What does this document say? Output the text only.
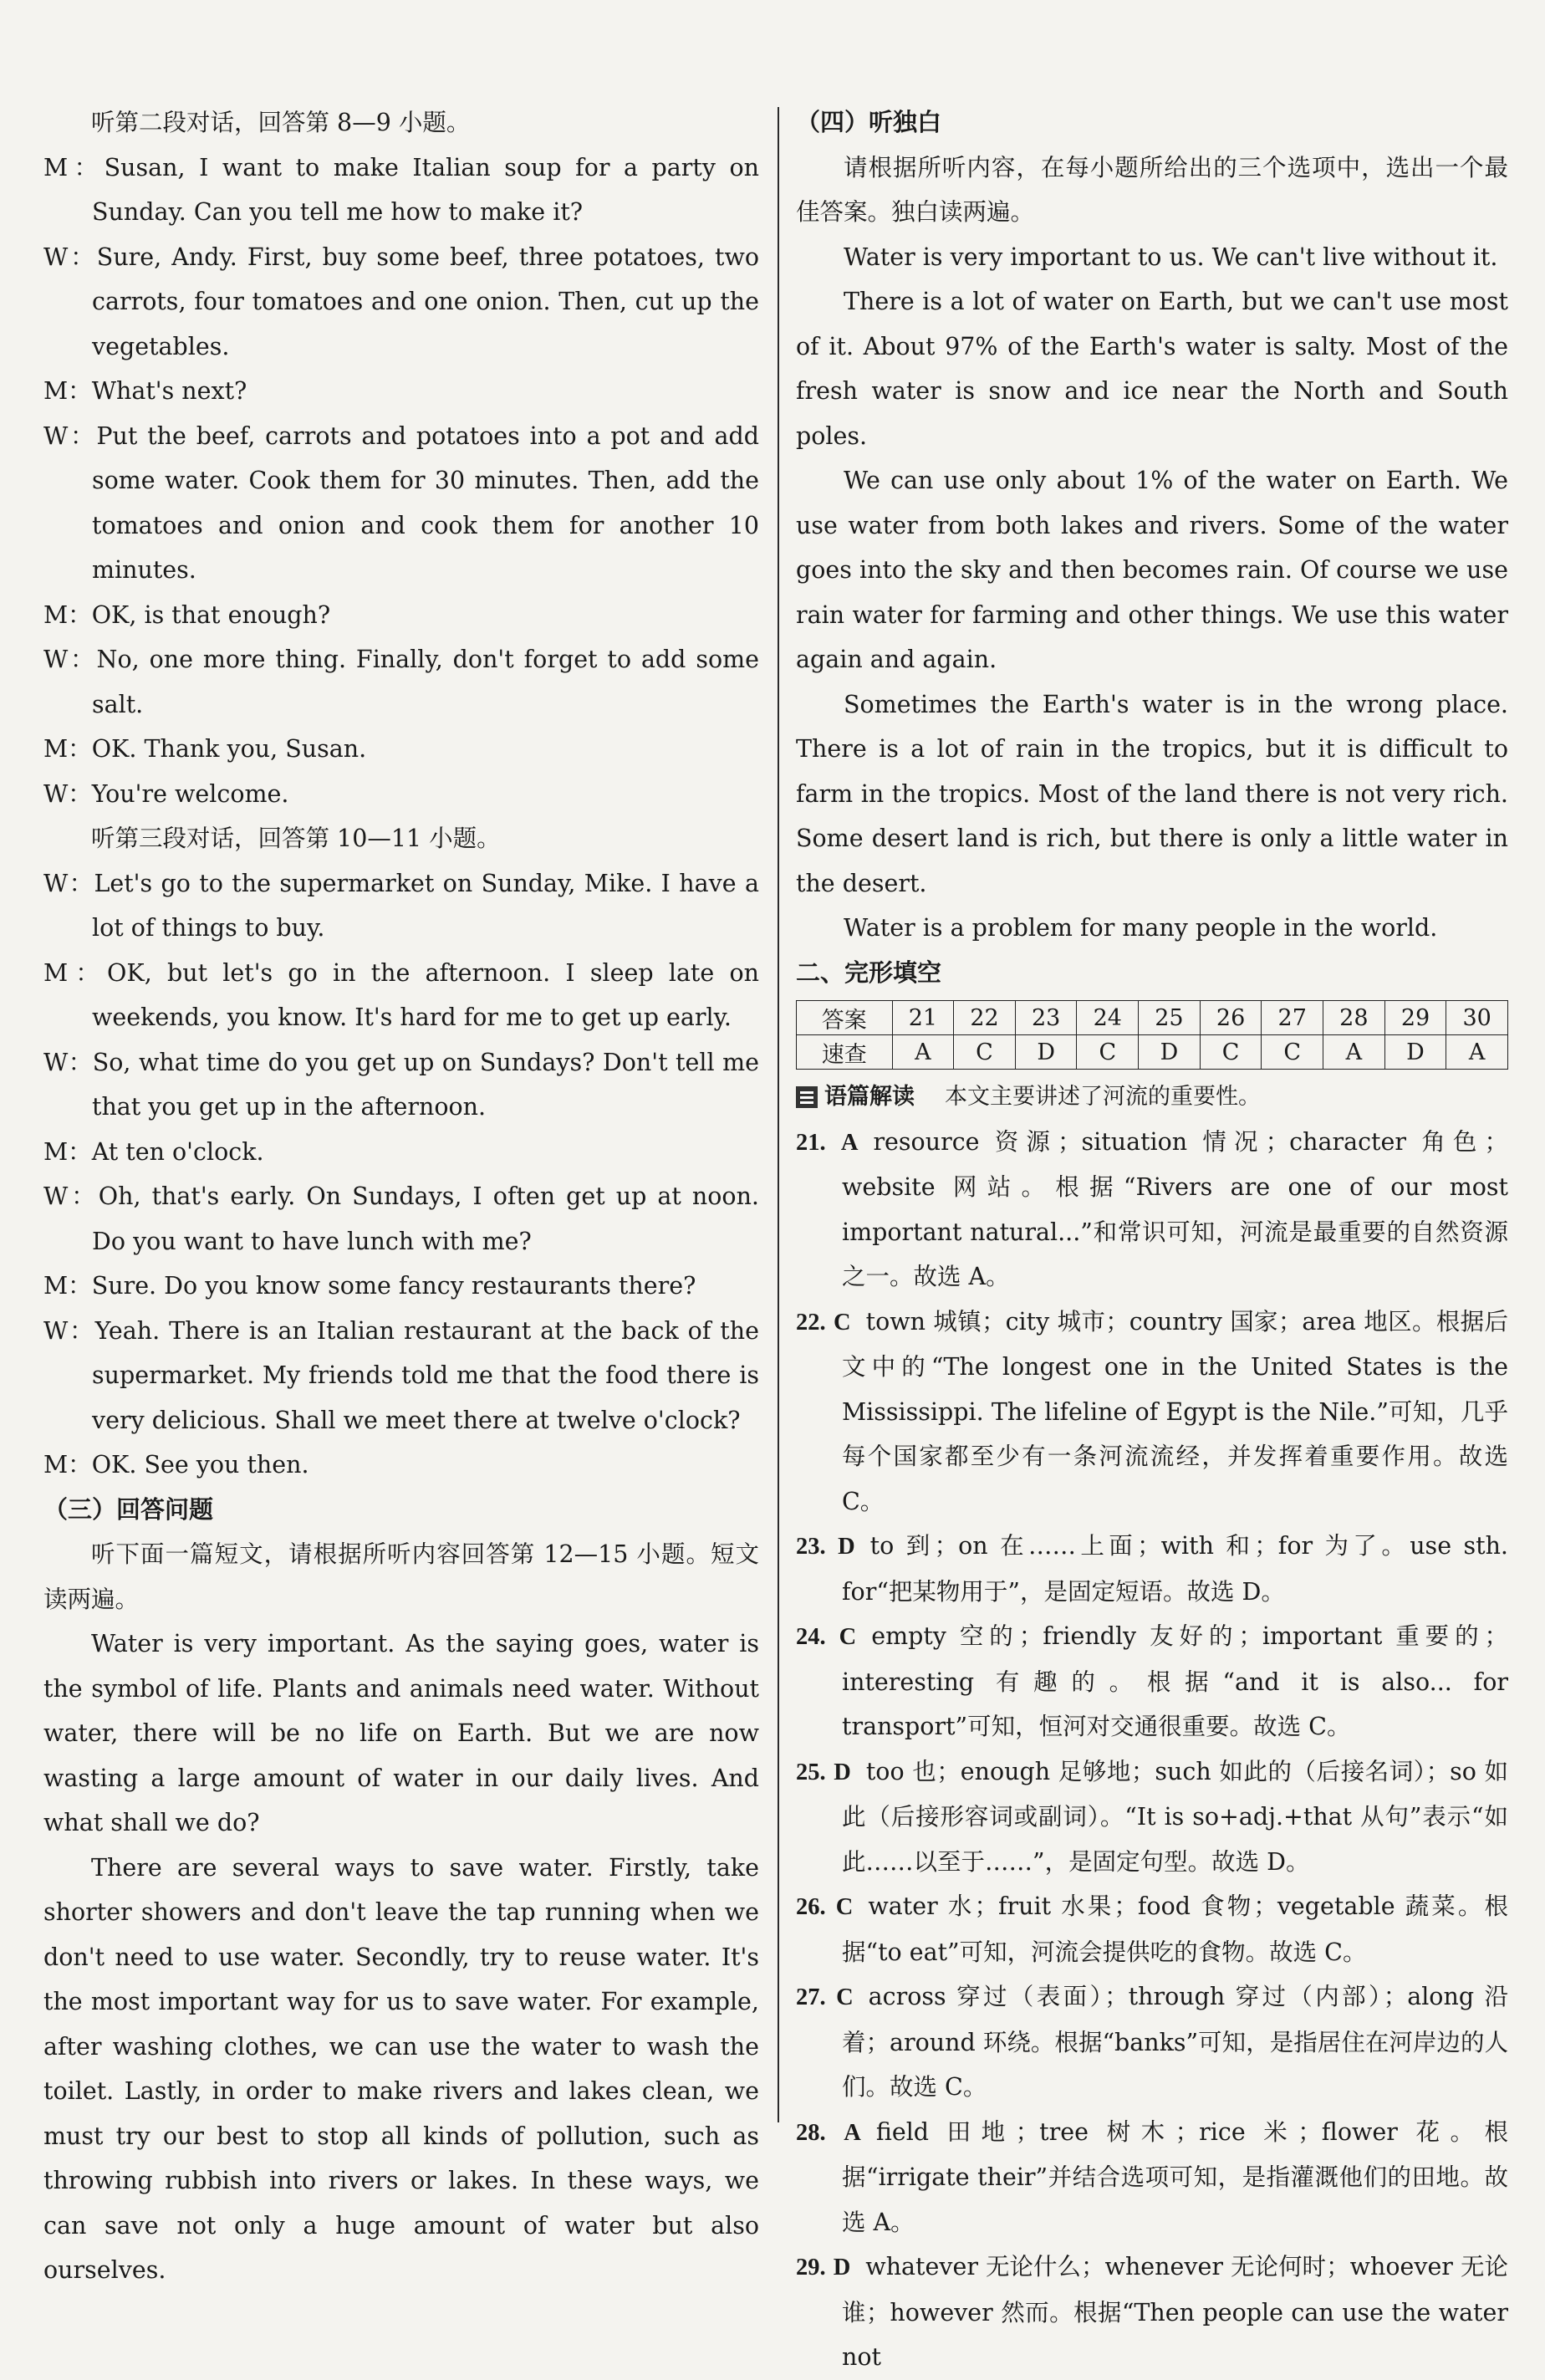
听第二段对话，回答第 8—9 小题。

M：Susan, I want to make Italian soup for a party on Sunday. Can you tell me how to make it?

W：Sure, Andy. First, buy some beef, three potatoes, two carrots, four tomatoes and one onion. Then, cut up the vegetables.

M：What's next?

W：Put the beef, carrots and potatoes into a pot and add some water. Cook them for 30 minutes. Then, add the tomatoes and onion and cook them for another 10 minutes.

M：OK, is that enough?

W：No, one more thing. Finally, don't forget to add some salt.

M：OK. Thank you, Susan.

W：You're welcome.

听第三段对话，回答第 10—11 小题。

W：Let's go to the supermarket on Sunday, Mike. I have a lot of things to buy.

M：OK, but let's go in the afternoon. I sleep late on weekends, you know. It's hard for me to get up early.

W：So, what time do you get up on Sundays? Don't tell me that you get up in the afternoon.

M：At ten o'clock.

W：Oh, that's early. On Sundays, I often get up at noon. Do you want to have lunch with me?

M：Sure. Do you know some fancy restaurants there?

W：Yeah. There is an Italian restaurant at the back of the supermarket. My friends told me that the food there is very delicious. Shall we meet there at twelve o'clock?

M：OK. See you then.

（三）回答问题

听下面一篇短文，请根据所听内容回答第 12—15 小题。短文读两遍。

Water is very important. As the saying goes, water is the symbol of life. Plants and animals need water. Without water, there will be no life on Earth. But we are now wasting a large amount of water in our daily lives. And what shall we do?

There are several ways to save water. Firstly, take shorter showers and don't leave the tap running when we don't need to use water. Secondly, try to reuse water. It's the most important way for us to save water. For example, after washing clothes, we can use the water to wash the toilet. Lastly, in order to make rivers and lakes clean, we must try our best to stop all kinds of pollution, such as throwing rubbish into rivers or lakes. In these ways, we can save not only a huge amount of water but also ourselves.

（四）听独白

请根据所听内容，在每小题所给出的三个选项中，选出一个最佳答案。独白读两遍。

Water is very important to us. We can't live without it.

There is a lot of water on Earth, but we can't use most of it. About 97% of the Earth's water is salty. Most of the fresh water is snow and ice near the North and South poles.

We can use only about 1% of the water on Earth. We use water from both lakes and rivers. Some of the water goes into the sky and then becomes rain. Of course we use rain water for farming and other things. We use this water again and again.

Sometimes the Earth's water is in the wrong place. There is a lot of rain in the tropics, but it is difficult to farm in the tropics. Most of the land there is not very rich. Some desert land is rich, but there is only a little water in the desert.

Water is a problem for many people in the world.

二、完形填空

答案	21	22	23	24	25	26	27	28	29	30
速查	A	C	D	C	D	C	C	A	D	A
语篇解读 本文主要讲述了河流的重要性。

21. A resource 资源；situation 情况；character 角色；website 网站。根据“Rivers are one of our most important natural...”和常识可知，河流是最重要的自然资源之一。故选 A。

22. C town 城镇；city 城市；country 国家；area 地区。根据后文中的“The longest one in the United States is the Mississippi. The lifeline of Egypt is the Nile.”可知，几乎每个国家都至少有一条河流流经，并发挥着重要作用。故选 C。

23. D to 到；on 在……上面；with 和；for 为了。use sth. for“把某物用于”，是固定短语。故选 D。

24. C empty 空的；friendly 友好的；important 重要的；interesting 有趣的。根据“and it is also... for transport”可知，恒河对交通很重要。故选 C。

25. D too 也；enough 足够地；such 如此的（后接名词）；so 如此（后接形容词或副词）。“It is so+adj.+that 从句”表示“如此……以至于……”，是固定句型。故选 D。

26. C water 水；fruit 水果；food 食物；vegetable 蔬菜。根据“to eat”可知，河流会提供吃的食物。故选 C。

27. C across 穿过（表面）；through 穿过（内部）；along 沿着；around 环绕。根据“banks”可知，是指居住在河岸边的人们。故选 C。

28. A field 田地；tree 树木；rice 米；flower 花。根据“irrigate their”并结合选项可知，是指灌溉他们的田地。故选 A。

29. D whatever 无论什么；whenever 无论何时；whoever 无论谁；however 然而。根据“Then people can use the water not
